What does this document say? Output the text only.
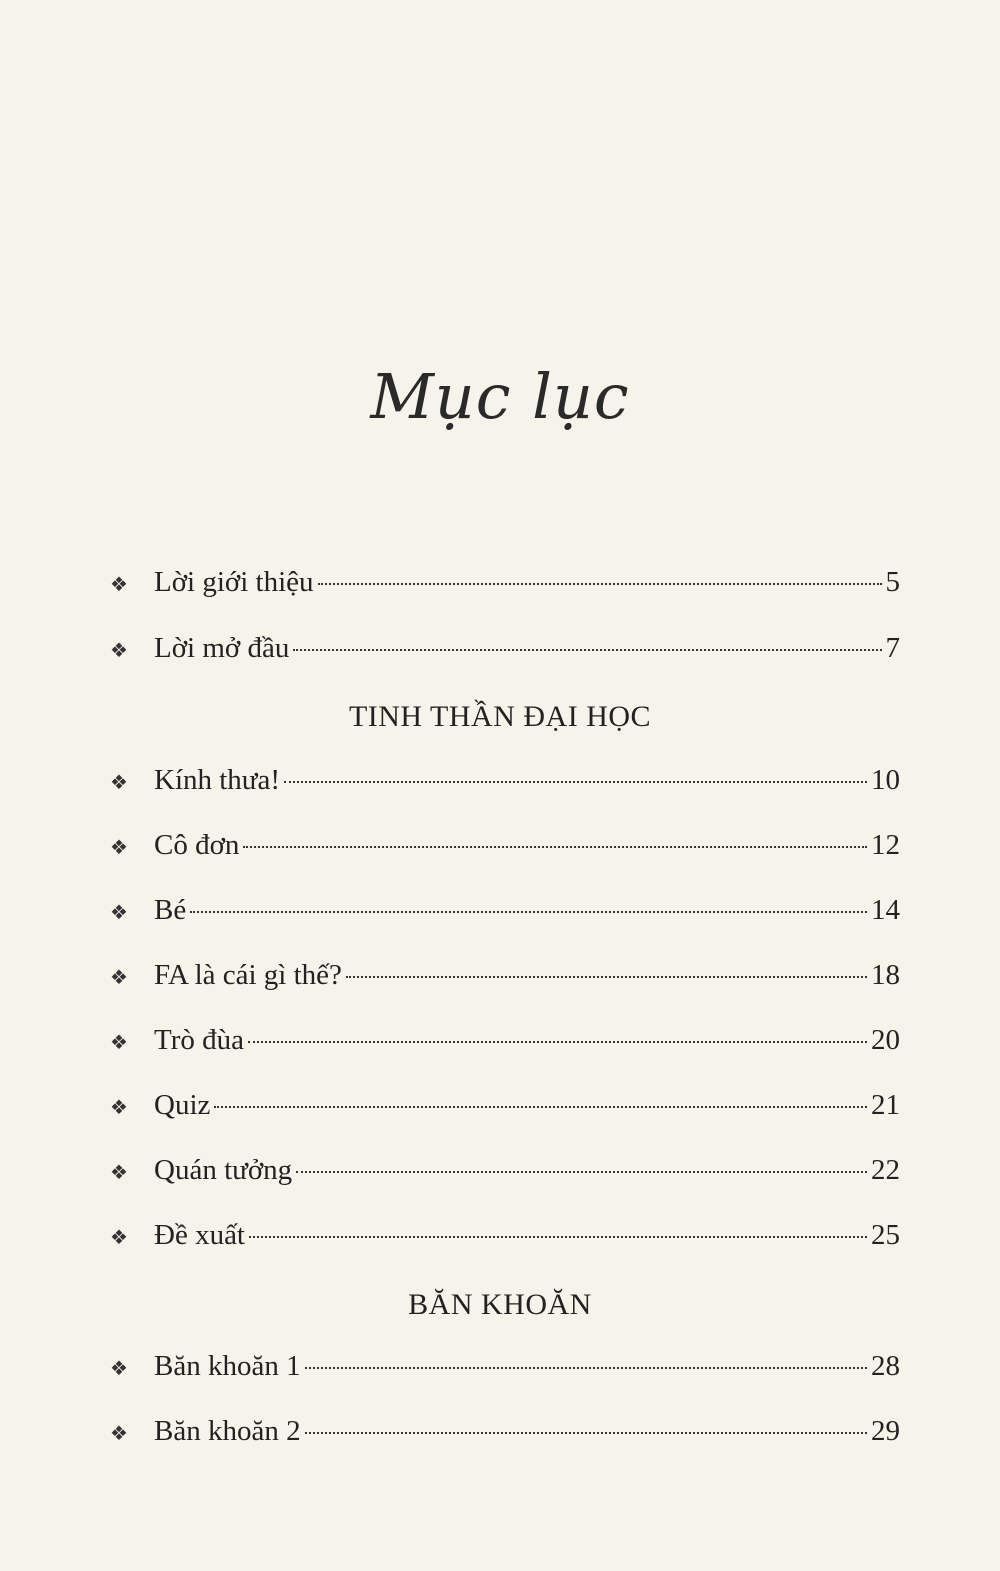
Mục lục
❖ Lời giới thiệu	5
❖ Lời mở đầu	7
TINH THẦN ĐẠI HỌC
❖ Kính thưa!	10
❖ Cô đơn	12
❖ Bé	14
❖ FA là cái gì thế?	18
❖ Trò đùa	20
❖ Quiz	21
❖ Quán tưởng	22
❖ Đề xuất	25
BĂN KHOĂN
❖ Băn khoăn 1	28
❖ Băn khoăn 2	29
